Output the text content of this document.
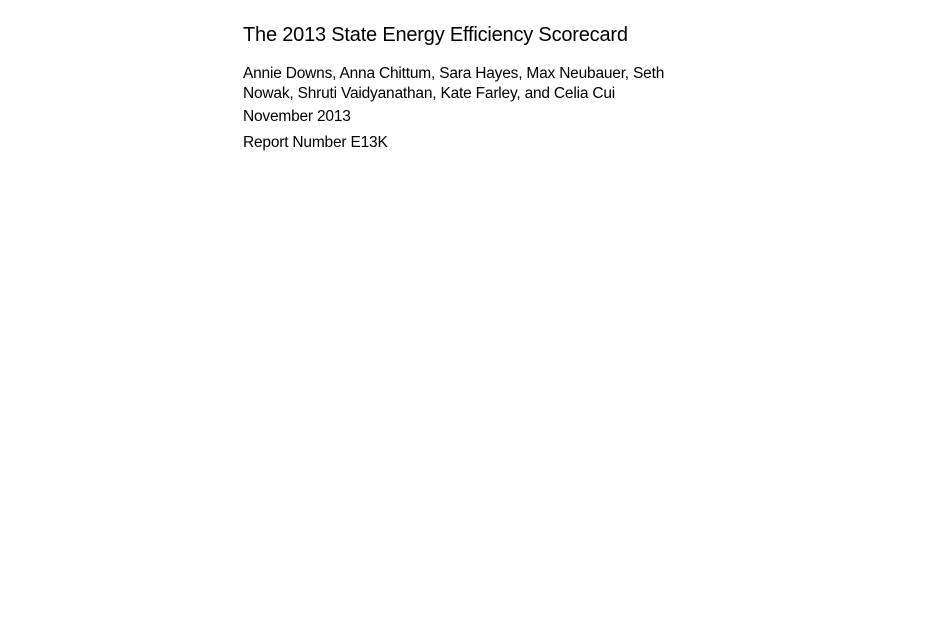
The 2013 State Energy Efficiency Scorecard
Annie Downs, Anna Chittum, Sara Hayes, Max Neubauer, Seth
Nowak, Shruti Vaidyanathan, Kate Farley, and Celia Cui
November 2013
Report Number E13K
